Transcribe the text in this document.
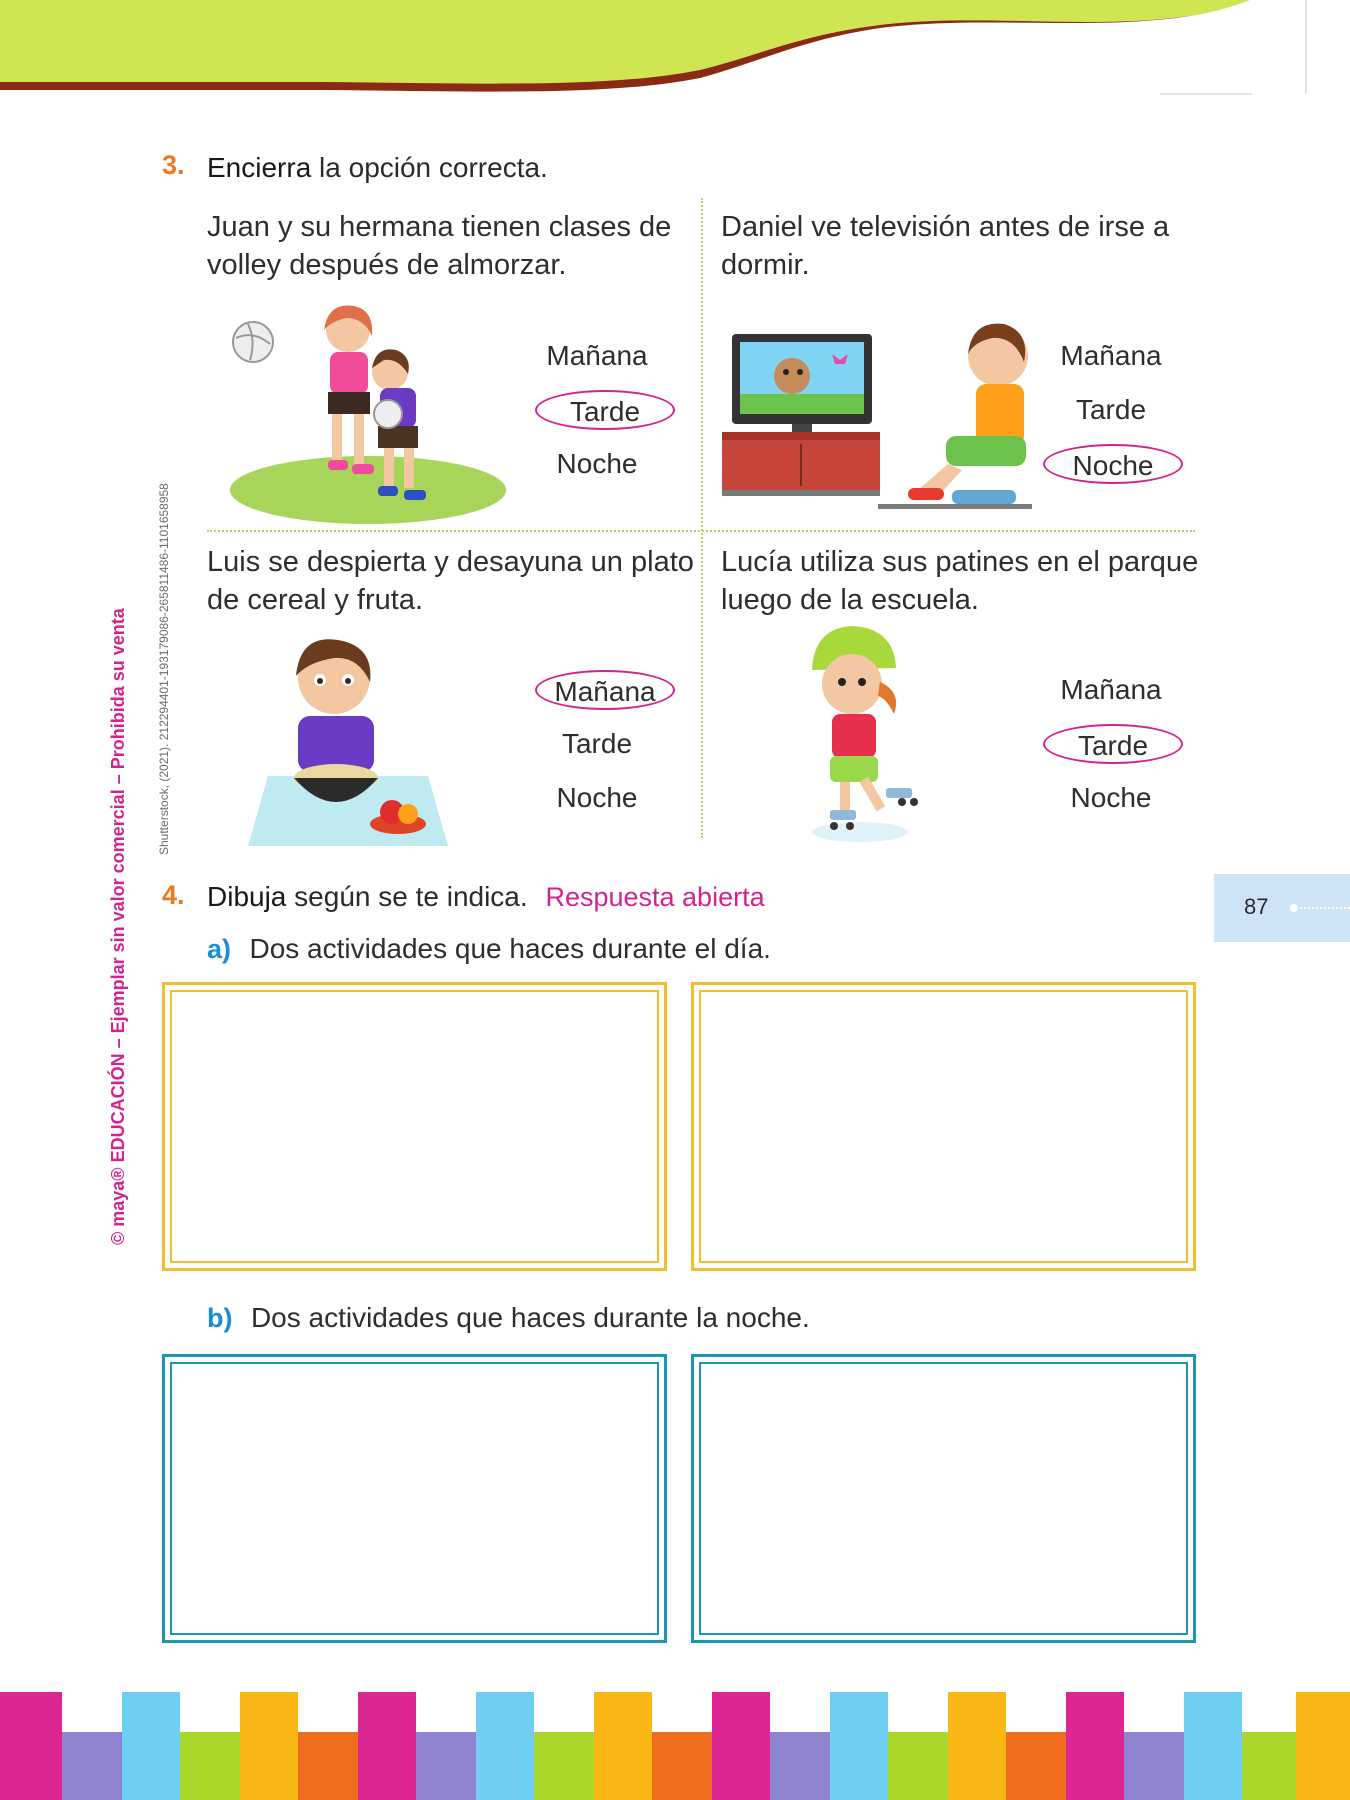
© maya® EDUCACIÓN – Ejemplar sin valor comercial – Prohibida su venta Shutterstock, (2021). 212294401-193179086-265811486-1101658958
3. Encierra la opción correcta.
Juan y su hermana tienen clases de
volley después de almorzar.
Mañana
Tarde
Noche
Daniel ve televisión antes de irse a
dormir.
Mañana
Tarde
Noche
Luis se despierta y desayuna un plato
de cereal y fruta.
Mañana
Tarde
Noche
Lucía utiliza sus patines en el parque
luego de la escuela.
Mañana
Tarde
Noche
87
4. Dibuja según se te indica. Respuesta abierta
a) Dos actividades que haces durante el día.
b) Dos actividades que haces durante la noche.
